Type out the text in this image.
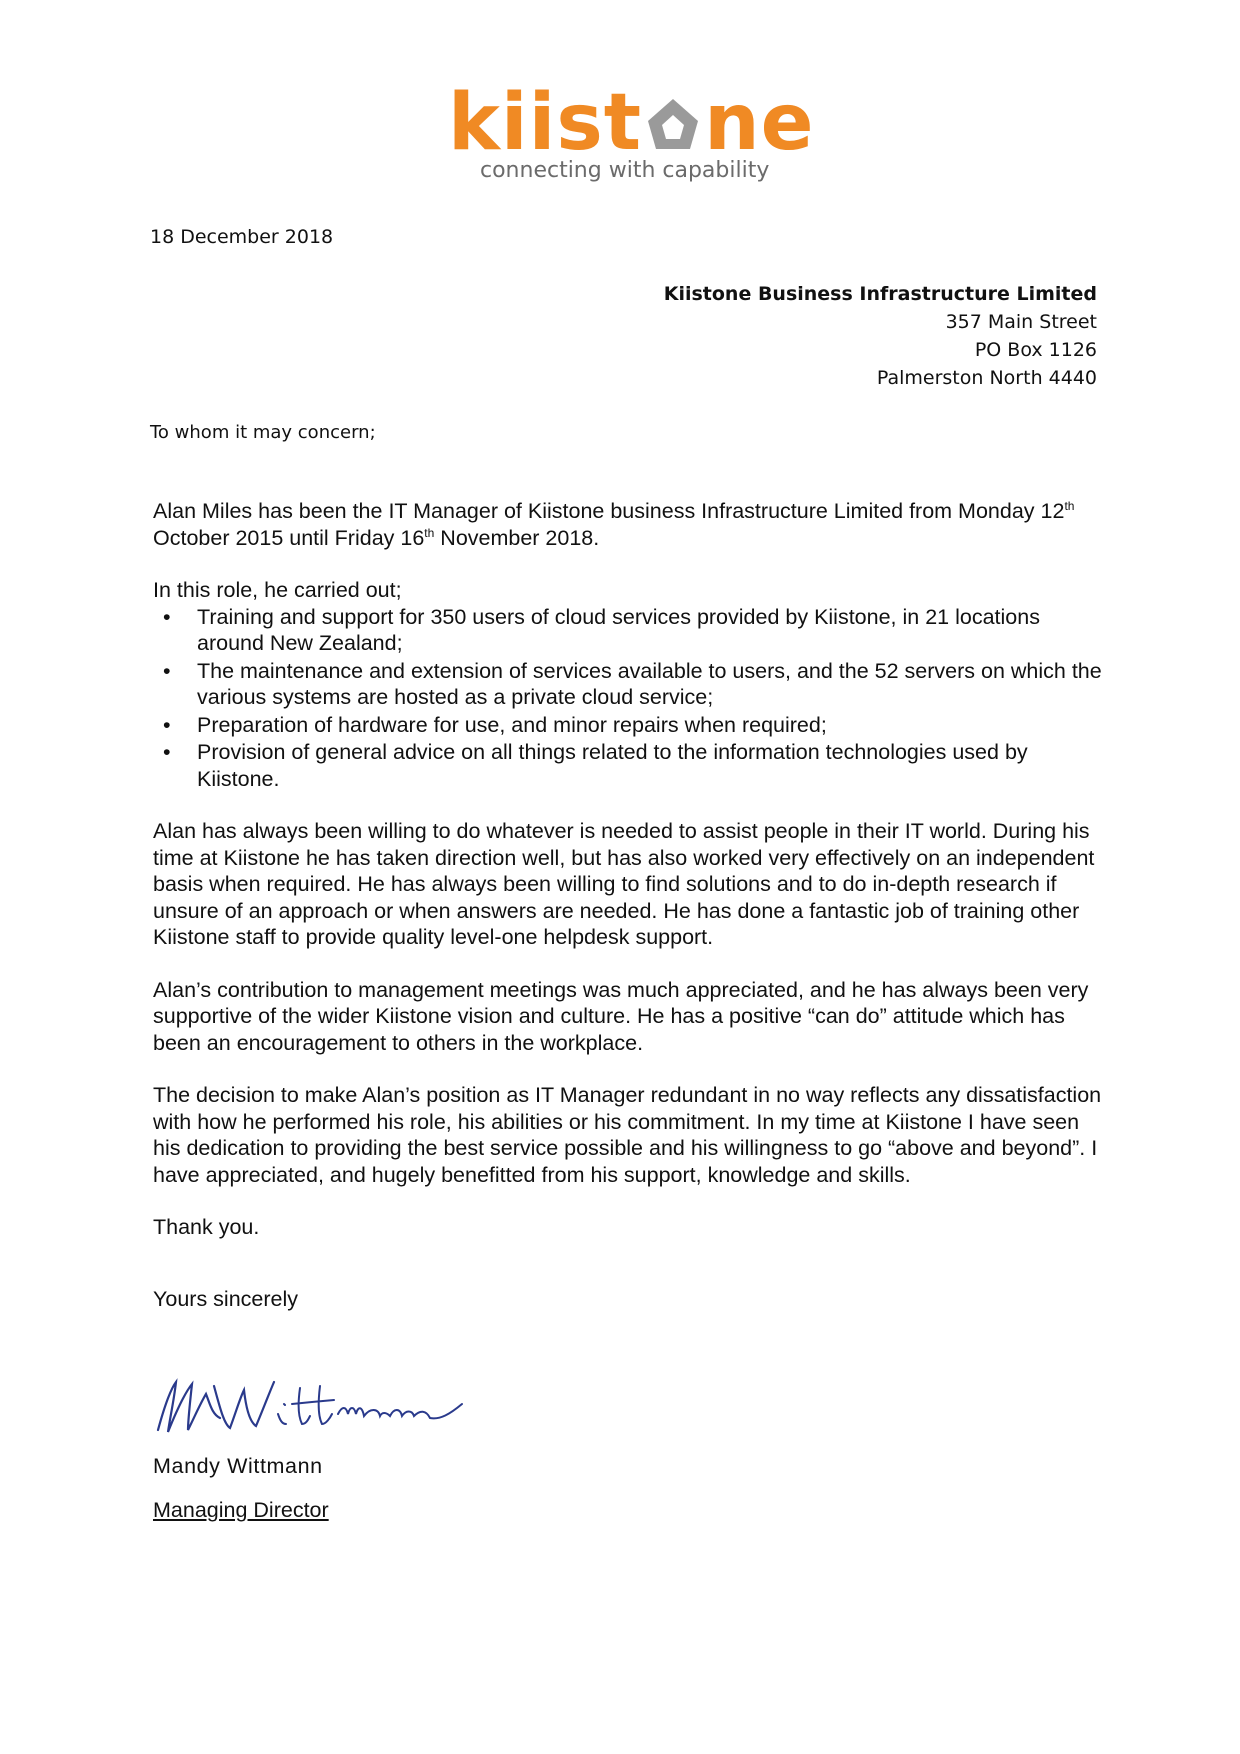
kiist ne
connecting with capability
18 December 2018
Kiistone Business Infrastructure Limited
357 Main Street
PO Box 1126
Palmerston North 4440
To whom it may concern;

Alan Miles has been the IT Manager of Kiistone business Infrastructure Limited from Monday 12th October 2015 until Friday 16th November 2018.

In this role, he carried out;

• Training and support for 350 users of cloud services provided by Kiistone, in 21 locations around New Zealand;
• The maintenance and extension of services available to users, and the 52 servers on which the various systems are hosted as a private cloud service;
• Preparation of hardware for use, and minor repairs when required;
• Provision of general advice on all things related to the information technologies used by Kiistone.

Alan has always been willing to do whatever is needed to assist people in their IT world. During his time at Kiistone he has taken direction well, but has also worked very effectively on an independent basis when required. He has always been willing to find solutions and to do in-depth research if unsure of an approach or when answers are needed. He has done a fantastic job of training other Kiistone staff to provide quality level-one helpdesk support.

Alan’s contribution to management meetings was much appreciated, and he has always been very supportive of the wider Kiistone vision and culture. He has a positive “can do” attitude which has been an encouragement to others in the workplace.

The decision to make Alan’s position as IT Manager redundant in no way reflects any dissatisfaction with how he performed his role, his abilities or his commitment. In my time at Kiistone I have seen his dedication to providing the best service possible and his willingness to go “above and beyond”. I have appreciated, and hugely benefitted from his support, knowledge and skills.

Thank you.

Yours sincerely

Mandy Wittmann
Managing Director
